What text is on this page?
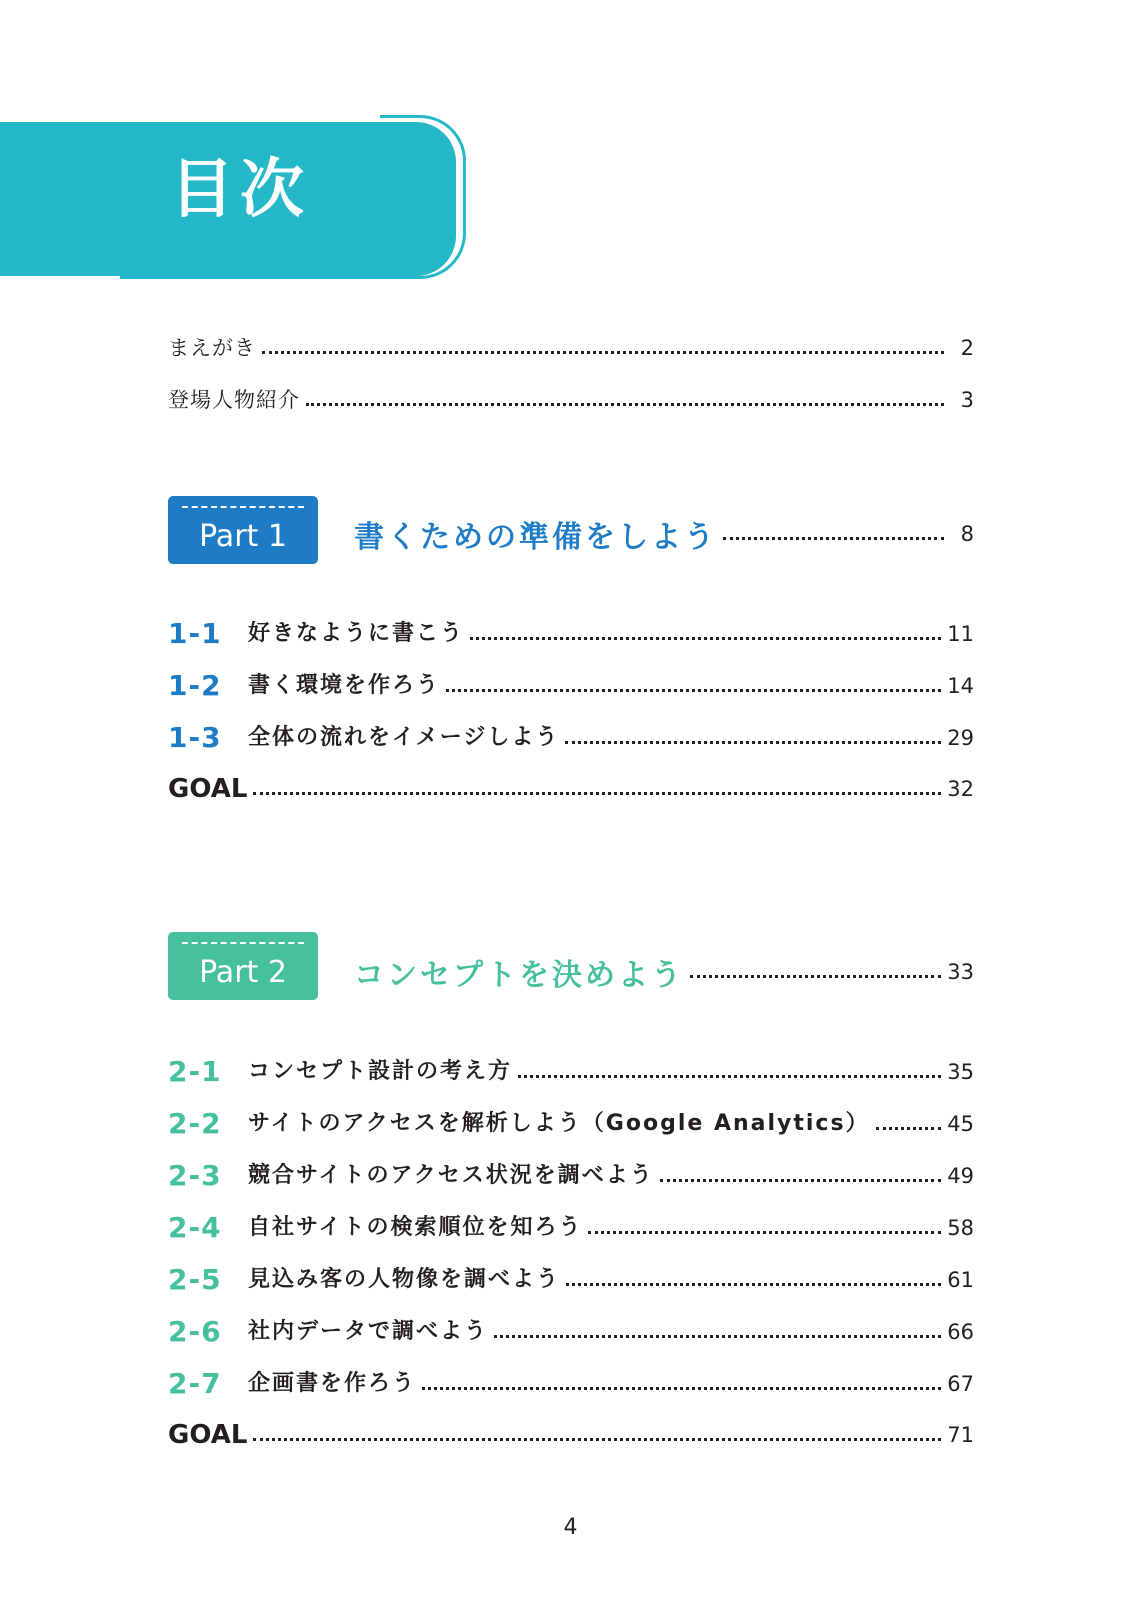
目次
まえがき	2
登場人物紹介	3
Part 1	書くための準備をしよう	8
1-1	好きなように書こう	11
1-2	書く環境を作ろう	14
1-3	全体の流れをイメージしよう	29
GOAL	32
Part 2	コンセプトを決めよう	33
2-1	コンセプト設計の考え方	35
2-2	サイトのアクセスを解析しよう（Google Analytics）	45
2-3	競合サイトのアクセス状況を調べよう	49
2-4	自社サイトの検索順位を知ろう	58
2-5	見込み客の人物像を調べよう	61
2-6	社内データで調べよう	66
2-7	企画書を作ろう	67
GOAL	71
4
